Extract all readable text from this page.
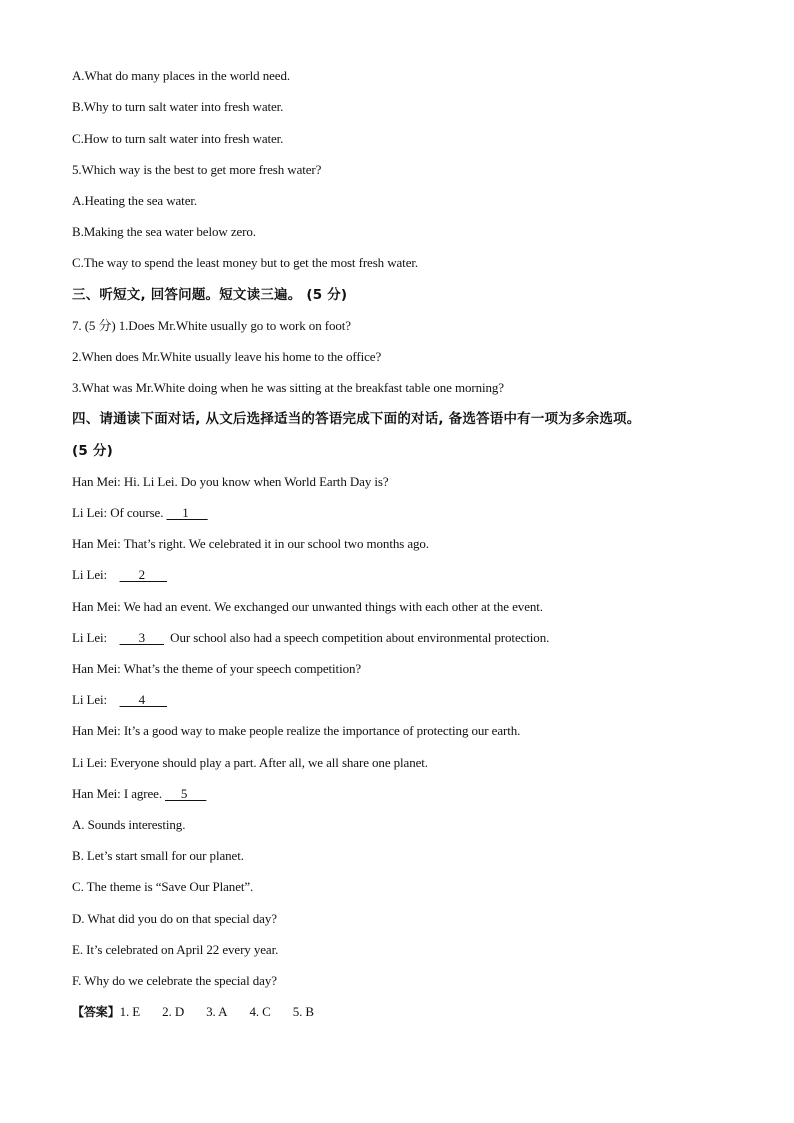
A.What do many places in the world need.
B.Why to turn salt water into fresh water.
C.How to turn salt water into fresh water.
5.Which way is the best to get more fresh water?
A.Heating the sea water.
B.Making the sea water below zero.
C.The way to spend the least money but to get the most fresh water.
三、听短文, 回答问题。短文读三遍。 (5 分)
7. (5 分) 1.Does Mr.White usually go to work on foot?
2.When does Mr.White usually leave his home to the office?
3.What was Mr.White doing when he was sitting at the breakfast table one morning?
四、请通读下面对话, 从文后选择适当的答语完成下面的对话, 备选答语中有一项为多余选项。
(5 分)
Han Mei: Hi. Li Lei. Do you know when World Earth Day is?
Li Lei: Of course.      1
Han Mei: That’s right. We celebrated it in our school two months ago.
Li Lei: 2
Han Mei: We had an event. We exchanged our unwanted things with each other at the event.
Li Lei: 3        Our school also had a speech competition about environmental protection.
Han Mei: What’s the theme of your speech competition?
Li Lei: 4
Han Mei: It’s a good way to make people realize the importance of protecting our earth.
Li Lei: Everyone should play a part. After all, we all share one planet.
Han Mei: I agree.      5
A. Sounds interesting.
B. Let’s start small for our planet.
C. The theme is “Save Our Planet”.
D. What did you do on that special day?
E. It’s celebrated on April 22 every year.
F. Why do we celebrate the special day?
【答案】1. E 2. D 3. A 4. C 5. B
